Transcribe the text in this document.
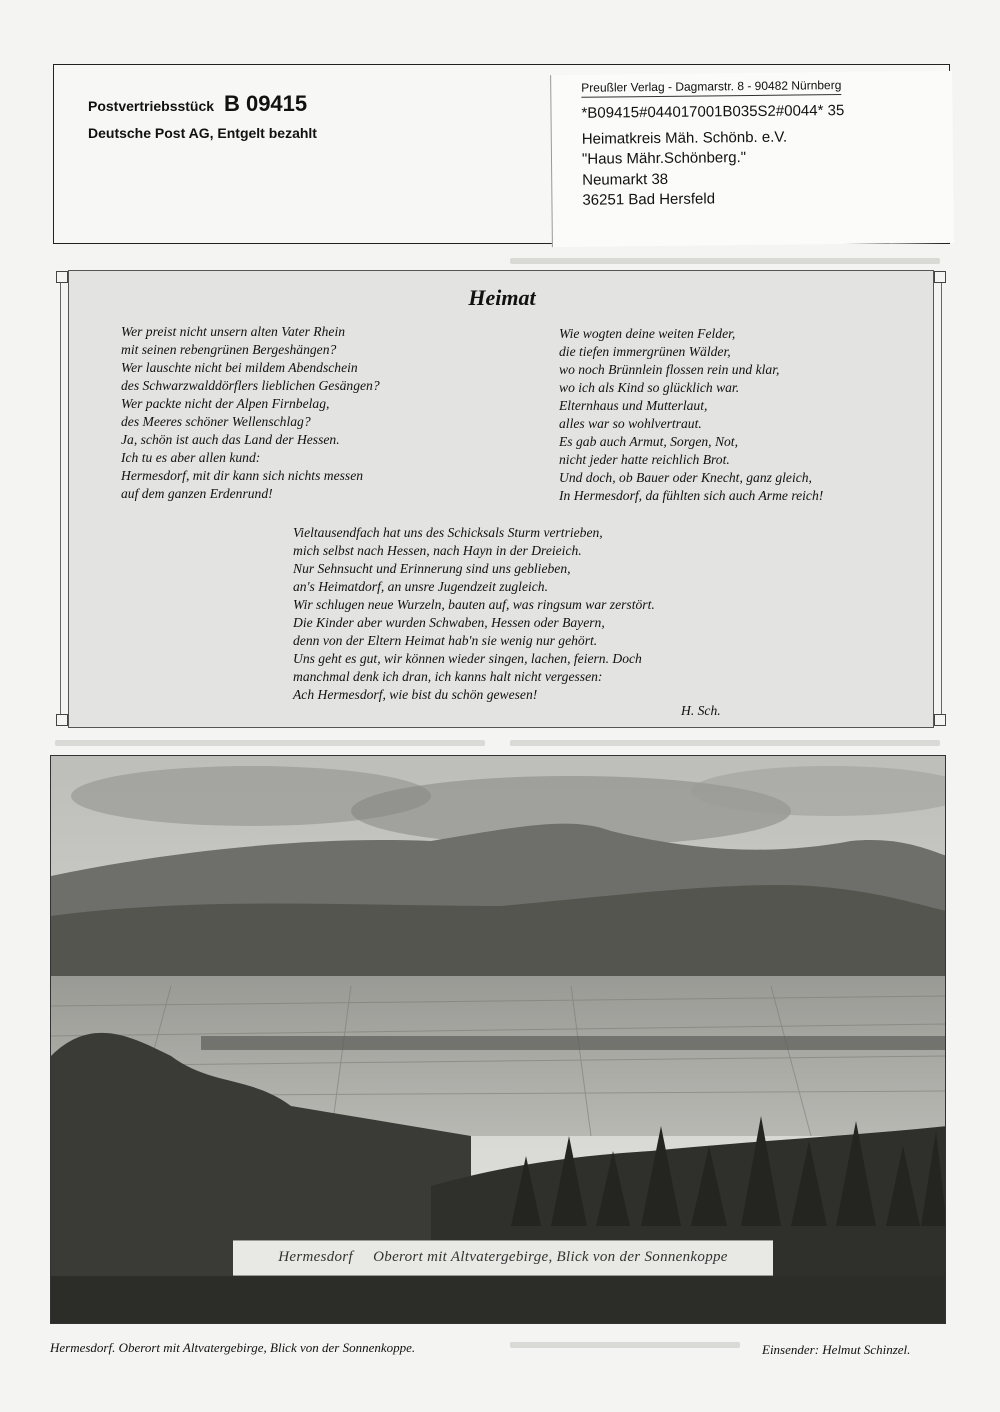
Postvertriebsstück B 09415
Deutsche Post AG, Entgelt bezahlt
Preußler Verlag - Dagmarstr. 8 - 90482 Nürnberg
*B09415#044017001B035S2#0044* 35
Heimatkreis Mäh. Schönb. e.V.
"Haus Mähr.Schönberg."
Neumarkt 38
36251 Bad Hersfeld
Heimat
Wer preist nicht unsern alten Vater Rhein
mit seinen rebengrünen Bergeshängen?
Wer lauschte nicht bei mildem Abendschein
des Schwarzwalddörflers lieblichen Gesängen?
Wer packte nicht der Alpen Firnbelag,
des Meeres schöner Wellenschlag?
Ja, schön ist auch das Land der Hessen.
Ich tu es aber allen kund:
Hermesdorf, mit dir kann sich nichts messen
auf dem ganzen Erdenrund!
Wie wogten deine weiten Felder,
die tiefen immergrünen Wälder,
wo noch Brünnlein flossen rein und klar,
wo ich als Kind so glücklich war.
Elternhaus und Mutterlaut,
alles war so wohlvertraut.
Es gab auch Armut, Sorgen, Not,
nicht jeder hatte reichlich Brot.
Und doch, ob Bauer oder Knecht, ganz gleich,
In Hermesdorf, da fühlten sich auch Arme reich!
Vieltausendfach hat uns des Schicksals Sturm vertrieben,
mich selbst nach Hessen, nach Hayn in der Dreieich.
Nur Sehnsucht und Erinnerung sind uns geblieben,
an's Heimatdorf, an unsre Jugendzeit zugleich.
Wir schlugen neue Wurzeln, bauten auf, was ringsum war zerstört.
Die Kinder aber wurden Schwaben, Hessen oder Bayern,
denn von der Eltern Heimat hab'n sie wenig nur gehört.
Uns geht es gut, wir können wieder singen, lachen, feiern. Doch
manchmal denk ich dran, ich kanns halt nicht vergessen:
Ach Hermesdorf, wie bist du schön gewesen!
H. Sch.
Hermesdorf     Oberort mit Altvatergebirge, Blick von der Sonnenkoppe
Hermesdorf. Oberort mit Altvatergebirge, Blick von der Sonnenkoppe.	Einsender: Helmut Schinzel.
